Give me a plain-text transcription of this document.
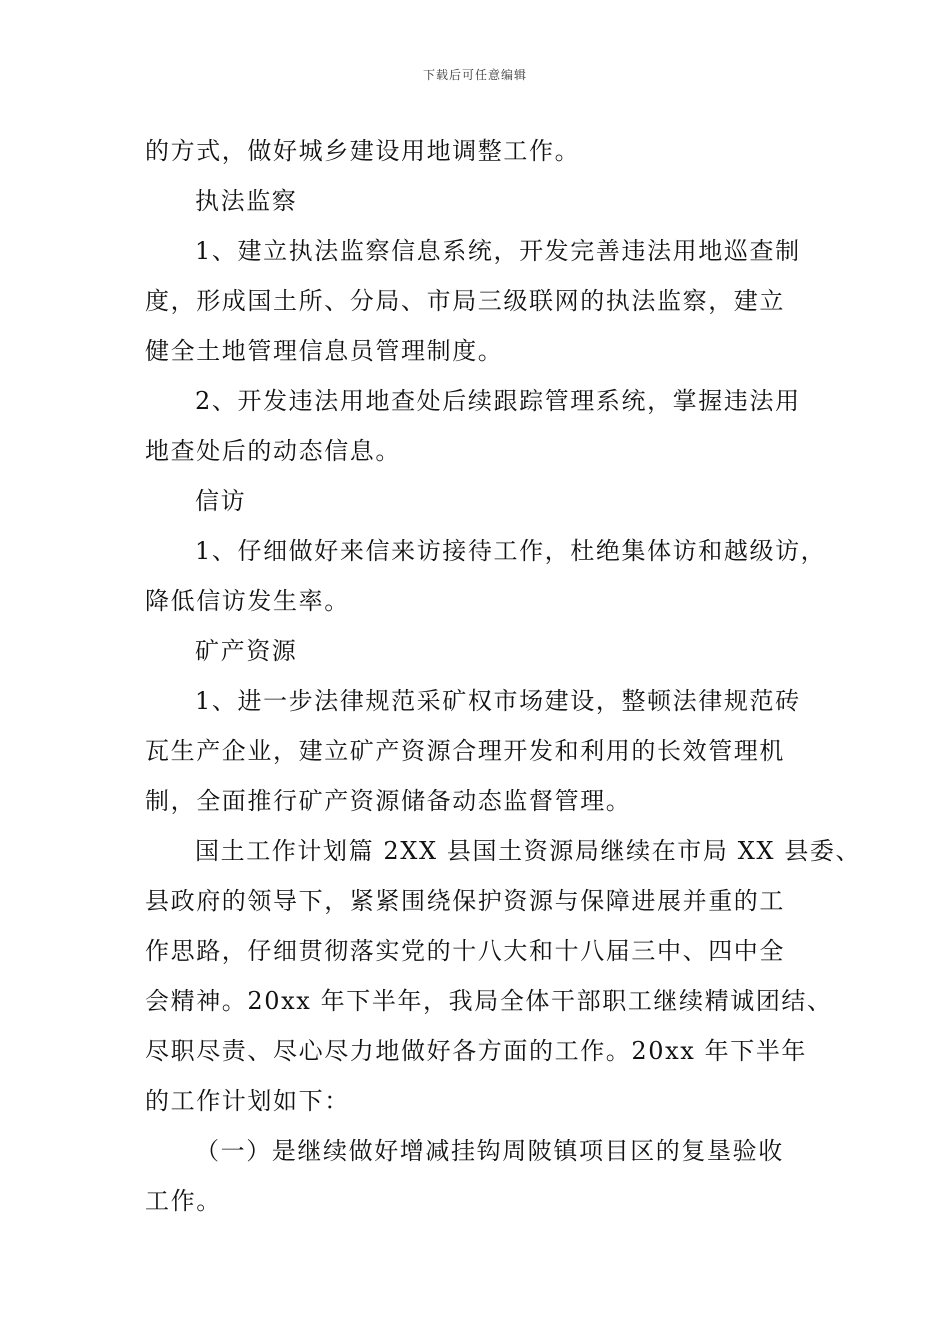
下载后可任意编辑

的方式，做好城乡建设用地调整工作。

执法监察

1、建立执法监察信息系统，开发完善违法用地巡查制
度，形成国土所、分局、市局三级联网的执法监察，建立
健全土地管理信息员管理制度。

2、开发违法用地查处后续跟踪管理系统，掌握违法用
地查处后的动态信息。

信访

1、仔细做好来信来访接待工作，杜绝集体访和越级访，
降低信访发生率。

矿产资源

1、进一步法律规范采矿权市场建设，整顿法律规范砖
瓦生产企业，建立矿产资源合理开发和利用的长效管理机
制，全面推行矿产资源储备动态监督管理。

国土工作计划篇 2XX 县国土资源局继续在市局 XX 县委、
县政府的领导下，紧紧围绕保护资源与保障进展并重的工
作思路，仔细贯彻落实党的十八大和十八届三中、四中全
会精神。20xx 年下半年，我局全体干部职工继续精诚团结、
尽职尽责、尽心尽力地做好各方面的工作。20xx 年下半年
的工作计划如下：

（一）是继续做好增减挂钩周陂镇项目区的复垦验收
工作。
